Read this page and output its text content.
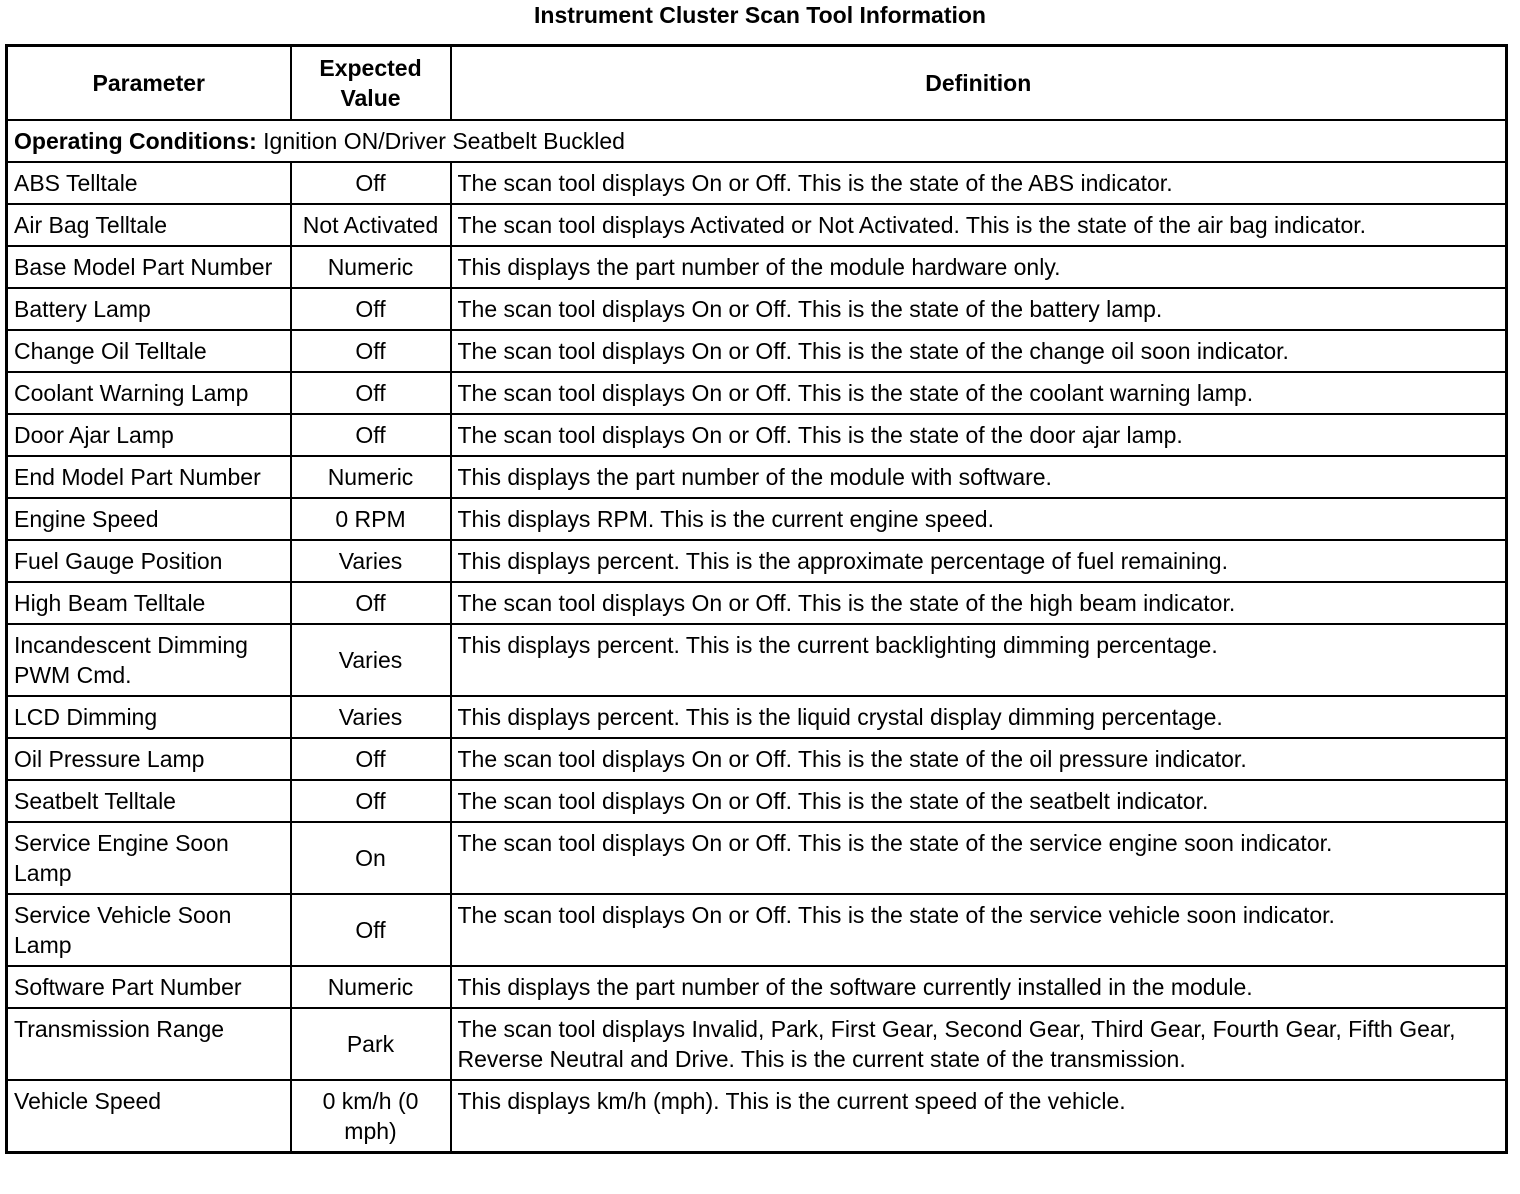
Instrument Cluster Scan Tool Information
Parameter	Expected Value	Definition
Operating Conditions: Ignition ON/Driver Seatbelt Buckled		
ABS Telltale	Off	The scan tool displays On or Off. This is the state of the ABS indicator.
Air Bag Telltale	Not Activated	The scan tool displays Activated or Not Activated. This is the state of the air bag indicator.
Base Model Part Number	Numeric	This displays the part number of the module hardware only.
Battery Lamp	Off	The scan tool displays On or Off. This is the state of the battery lamp.
Change Oil Telltale	Off	The scan tool displays On or Off. This is the state of the change oil soon indicator.
Coolant Warning Lamp	Off	The scan tool displays On or Off. This is the state of the coolant warning lamp.
Door Ajar Lamp	Off	The scan tool displays On or Off. This is the state of the door ajar lamp.
End Model Part Number	Numeric	This displays the part number of the module with software.
Engine Speed	0 RPM	This displays RPM. This is the current engine speed.
Fuel Gauge Position	Varies	This displays percent. This is the approximate percentage of fuel remaining.
High Beam Telltale	Off	The scan tool displays On or Off. This is the state of the high beam indicator.
Incandescent Dimming PWM Cmd.	Varies	This displays percent. This is the current backlighting dimming percentage.
LCD Dimming	Varies	This displays percent. This is the liquid crystal display dimming percentage.
Oil Pressure Lamp	Off	The scan tool displays On or Off. This is the state of the oil pressure indicator.
Seatbelt Telltale	Off	The scan tool displays On or Off. This is the state of the seatbelt indicator.
Service Engine Soon Lamp	On	The scan tool displays On or Off. This is the state of the service engine soon indicator.
Service Vehicle Soon Lamp	Off	The scan tool displays On or Off. This is the state of the service vehicle soon indicator.
Software Part Number	Numeric	This displays the part number of the software currently installed in the module.
Transmission Range	Park	The scan tool displays Invalid, Park, First Gear, Second Gear, Third Gear, Fourth Gear, Fifth Gear, Reverse Neutral and Drive. This is the current state of the transmission.
Vehicle Speed	0 km/h (0 mph)	This displays km/h (mph). This is the current speed of the vehicle.
